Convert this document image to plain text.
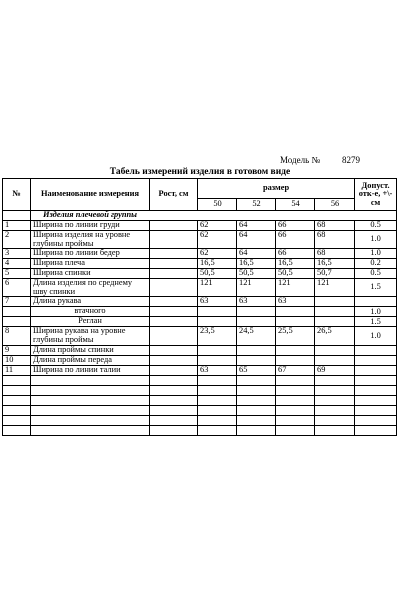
Модель № 8279
Табель измерений изделия в готовом виде
№	Наименование измерения	Рост, см	размер				Допуст. отк-е, +\-см
			50	52	54	56	
	Изделия плечевой группы						
1	Ширина по линии груди		62	64	66	68	0.5
2	Ширина изделия на уровне глубины проймы		62	64	66	68	1.0
3	Ширина по линии бедер		62	64	66	68	1.0
4	Ширина плеча		16,5	16,5	16,5	16,5	0.2
5	Ширина спинки		50,5	50,5	50,5	50,7	0.5
6	Длина изделия по среднему шву спинки		121	121	121	121	1.5
7	Длина рукава		63	63	63		
	втачного						1.0
	Реглан						1.5
8	Ширина рукава на уровне глубины проймы		23,5	24,5	25,5	26,5	1.0
9	Длина проймы спинки						
10	Длина проймы переда						
11	Ширина по линии талии		63	65	67	69	
